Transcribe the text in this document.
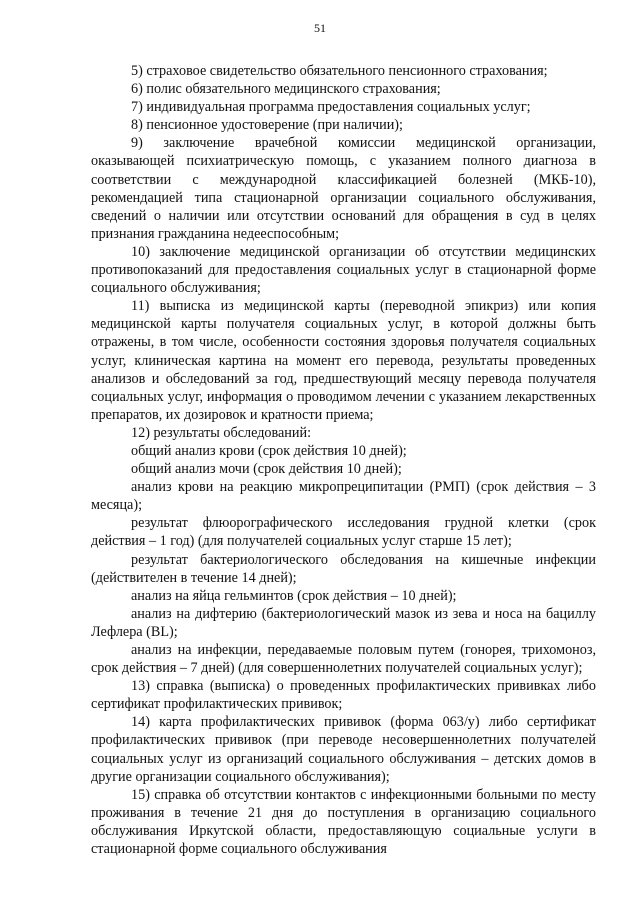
51

5) страховое свидетельство обязательного пенсионного страхования;

6) полис обязательного медицинского страхования;

7) индивидуальная программа предоставления социальных услуг;

8) пенсионное удостоверение (при наличии);

9) заключение врачебной комиссии медицинской организации, оказывающей психиатрическую помощь, с указанием полного диагноза в соответствии с международной классификацией болезней (МКБ-10), рекомендацией типа стационарной организации социального обслуживания, сведений о наличии или отсутствии оснований для обращения в суд в целях признания гражданина недееспособным;

10) заключение медицинской организации об отсутствии медицинских противопоказаний для предоставления социальных услуг в стационарной форме социального обслуживания;

11) выписка из медицинской карты (переводной эпикриз) или копия медицинской карты получателя социальных услуг, в которой должны быть отражены, в том числе, особенности состояния здоровья получателя социальных услуг, клиническая картина на момент его перевода, результаты проведенных анализов и обследований за год, предшествующий месяцу перевода получателя социальных услуг, информация о проводимом лечении с указанием лекарственных препаратов, их дозировок и кратности приема;

12) результаты обследований:

общий анализ крови (срок действия 10 дней);

общий анализ мочи (срок действия 10 дней);

анализ крови на реакцию микропреципитации (РМП) (срок действия – 3 месяца);

результат флюорографического исследования грудной клетки (срок действия – 1 год) (для получателей социальных услуг старше 15 лет);

результат бактериологического обследования на кишечные инфекции (действителен в течение 14 дней);

анализ на яйца гельминтов (срок действия – 10 дней);

анализ на дифтерию (бактериологический мазок из зева и носа на бациллу Лефлера (BL);

анализ на инфекции, передаваемые половым путем (гонорея, трихомоноз, срок действия – 7 дней) (для совершеннолетних получателей социальных услуг);

13) справка (выписка) о проведенных профилактических прививках либо сертификат профилактических прививок;

14) карта профилактических прививок (форма 063/у) либо сертификат профилактических прививок (при переводе несовершеннолетних получателей социальных услуг из организаций социального обслуживания – детских домов в другие организации социального обслуживания);

15) справка об отсутствии контактов с инфекционными больными по месту проживания в течение 21 дня до поступления в организацию социального обслуживания Иркутской области, предоставляющую социальные услуги в стационарной форме социального обслуживания
